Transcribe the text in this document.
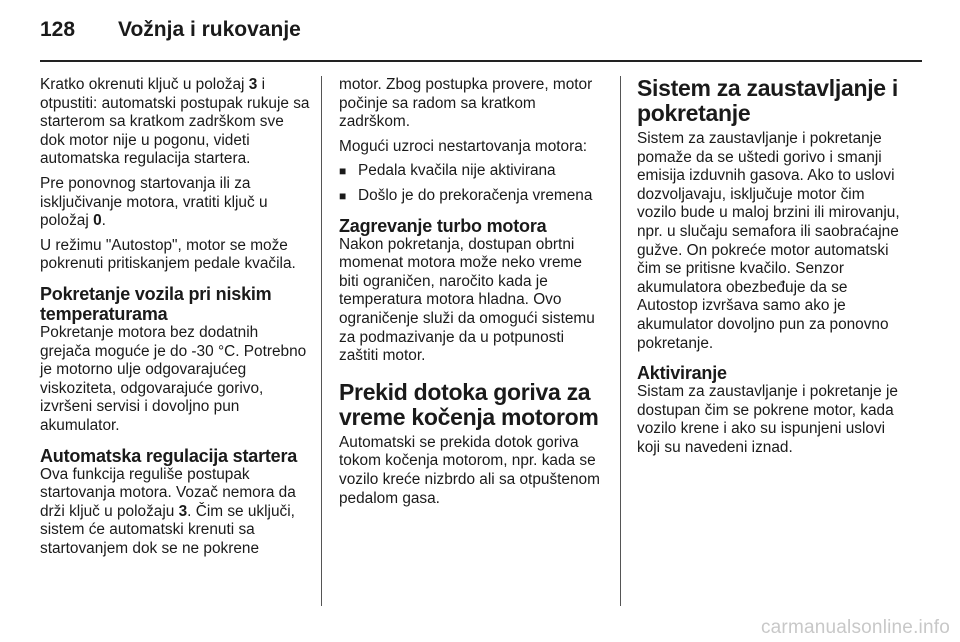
128 Vožnja i rukovanje

Kratko okrenuti ključ u položaj 3 i otpustiti: automatski postupak rukuje sa starterom sa kratkom zadrškom sve dok motor nije u pogonu, videti automatska regulacija startera.

Pre ponovnog startovanja ili za isključivanje motora, vratiti ključ u položaj 0.

U režimu "Autostop", motor se može pokrenuti pritiskanjem pedale kvačila.

Pokretanje vozila pri niskim temperaturama

Pokretanje motora bez dodatnih grejača moguće je do -30 °C. Potrebno je motorno ulje odgovarajućeg viskoziteta, odgovarajuće gorivo, izvršeni servisi i dovoljno pun akumulator.

Automatska regulacija startera

Ova funkcija reguliše postupak startovanja motora. Vozač nemora da drži ključ u položaju 3. Čim se uključi, sistem će automatski krenuti sa startovanjem dok se ne pokrene

motor. Zbog postupka provere, motor počinje sa radom sa kratkom zadrškom.

Mogući uzroci nestartovanja motora:

■ Pedala kvačila nije aktivirana
■ Došlo je do prekoračenja vremena
Zagrevanje turbo motora

Nakon pokretanja, dostupan obrtni momenat motora može neko vreme biti ograničen, naročito kada je temperatura motora hladna. Ovo ograničenje služi da omogući sistemu za podmazivanje da u potpunosti zaštiti motor.

Prekid dotoka goriva za vreme kočenja motorom

Automatski se prekida dotok goriva tokom kočenja motorom, npr. kada se vozilo kreće nizbrdo ali sa otpuštenom pedalom gasa.

Sistem za zaustavljanje i pokretanje

Sistem za zaustavljanje i pokretanje pomaže da se uštedi gorivo i smanji emisija izduvnih gasova. Ako to uslovi dozvoljavaju, isključuje motor čim vozilo bude u maloj brzini ili mirovanju, npr. u slučaju semafora ili saobraćajne gužve. On pokreće motor automatski čim se pritisne kvačilo. Senzor akumulatora obezbeđuje da se Autostop izvršava samo ako je akumulator dovoljno pun za ponovno pokretanje.

Aktiviranje

Sistam za zaustavljanje i pokretanje je dostupan čim se pokrene motor, kada vozilo krene i ako su ispunjeni uslovi koji su navedeni iznad.

carmanualsonline.info
